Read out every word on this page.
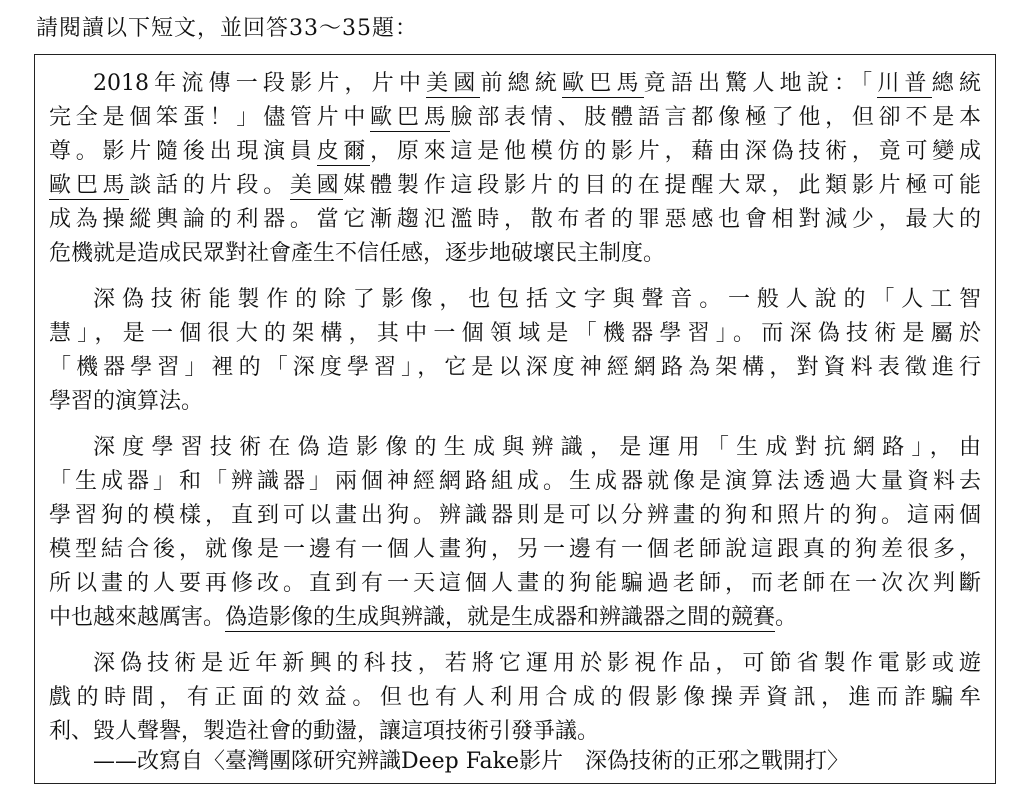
請閱讀以下短文，並回答33～35題：
2018年流傳一段影片，片中美國前總統歐巴馬竟語出驚人地說：「川普總統
完全是個笨蛋！」儘管片中歐巴馬臉部表情、肢體語言都像極了他，但卻不是本
尊。影片隨後出現演員皮爾，原來這是他模仿的影片，藉由深偽技術，竟可變成
歐巴馬談話的片段。美國媒體製作這段影片的目的在提醒大眾，此類影片極可能
成為操縱輿論的利器。當它漸趨氾濫時，散布者的罪惡感也會相對減少，最大的
危機就是造成民眾對社會產生不信任感，逐步地破壞民主制度。
深偽技術能製作的除了影像，也包括文字與聲音。一般人說的「人工智
慧」，是一個很大的架構，其中一個領域是「機器學習」。而深偽技術是屬於
「機器學習」裡的「深度學習」，它是以深度神經網路為架構，對資料表徵進行
學習的演算法。
深度學習技術在偽造影像的生成與辨識，是運用「生成對抗網路」，由
「生成器」和「辨識器」兩個神經網路組成。生成器就像是演算法透過大量資料去
學習狗的模樣，直到可以畫出狗。辨識器則是可以分辨畫的狗和照片的狗。這兩個
模型結合後，就像是一邊有一個人畫狗，另一邊有一個老師說這跟真的狗差很多，
所以畫的人要再修改。直到有一天這個人畫的狗能騙過老師，而老師在一次次判斷
中也越來越厲害。偽造影像的生成與辨識，就是生成器和辨識器之間的競賽。
深偽技術是近年新興的科技，若將它運用於影視作品，可節省製作電影或遊
戲的時間，有正面的效益。但也有人利用合成的假影像操弄資訊，進而詐騙牟
利、毀人聲譽，製造社會的動盪，讓這項技術引發爭議。
——改寫自〈臺灣團隊研究辨識Deep Fake影片　深偽技術的正邪之戰開打〉
